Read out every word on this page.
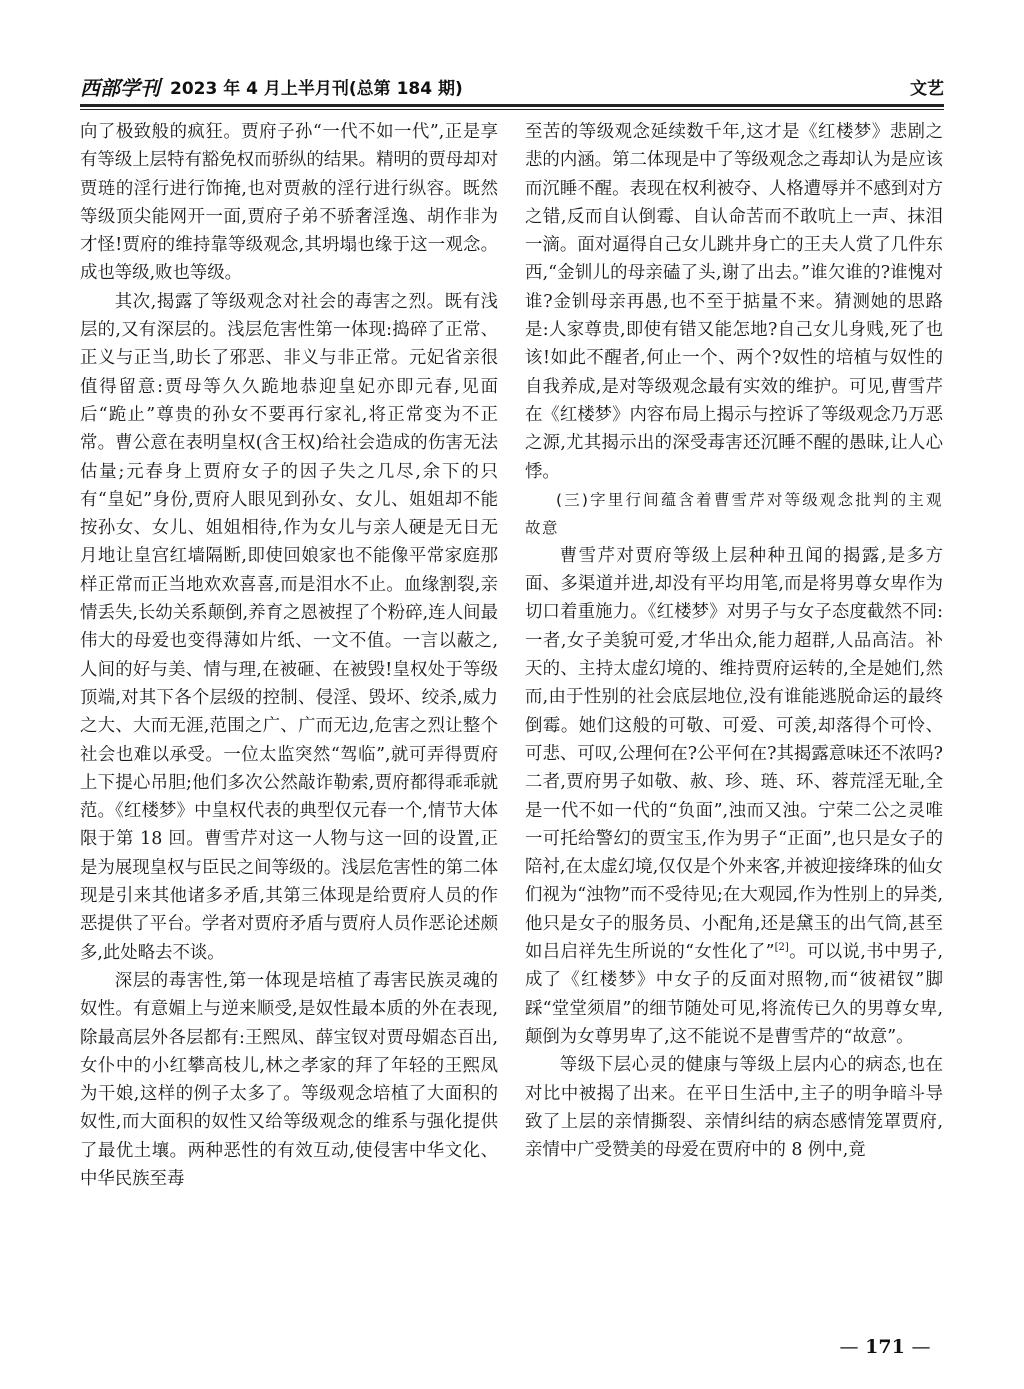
西部学刊 2023 年 4 月上半月刊(总第 184 期)	文艺

向了极致般的疯狂。贾府子孙“一代不如一代”,正是享有等级上层特有豁免权而骄纵的结果。精明的贾母却对贾琏的淫行进行饰掩,也对贾赦的淫行进行纵容。既然等级顶尖能网开一面,贾府子弟不骄奢淫逸、胡作非为才怪!贾府的维持靠等级观念,其坍塌也缘于这一观念。成也等级,败也等级。

其次,揭露了等级观念对社会的毒害之烈。既有浅层的,又有深层的。浅层危害性第一体现:捣碎了正常、正义与正当,助长了邪恶、非义与非正常。元妃省亲很值得留意:贾母等久久跪地恭迎皇妃亦即元春,见面后“跪止”尊贵的孙女不要再行家礼,将正常变为不正常。曹公意在表明皇权(含王权)给社会造成的伤害无法估量;元春身上贾府女子的因子失之几尽,余下的只有“皇妃”身份,贾府人眼见到孙女、女儿、姐姐却不能按孙女、女儿、姐姐相待,作为女儿与亲人硬是无日无月地让皇宫红墙隔断,即使回娘家也不能像平常家庭那样正常而正当地欢欢喜喜,而是泪水不止。血缘割裂,亲情丢失,长幼关系颠倒,养育之恩被捏了个粉碎,连人间最伟大的母爱也变得薄如片纸、一文不值。一言以蔽之,人间的好与美、情与理,在被砸、在被毁!皇权处于等级顶端,对其下各个层级的控制、侵淫、毁坏、绞杀,威力之大、大而无涯,范围之广、广而无边,危害之烈让整个社会也难以承受。一位太监突然“驾临”,就可弄得贾府上下提心吊胆;他们多次公然敲诈勒索,贾府都得乖乖就范。《红楼梦》中皇权代表的典型仅元春一个,情节大体限于第 18 回。曹雪芹对这一人物与这一回的设置,正是为展现皇权与臣民之间等级的。浅层危害性的第二体现是引来其他诸多矛盾,其第三体现是给贾府人员的作恶提供了平台。学者对贾府矛盾与贾府人员作恶论述颇多,此处略去不谈。

深层的毒害性,第一体现是培植了毒害民族灵魂的奴性。有意媚上与逆来顺受,是奴性最本质的外在表现,除最高层外各层都有:王熙凤、薛宝钗对贾母媚态百出,女仆中的小红攀高枝儿,林之孝家的拜了年轻的王熙凤为干娘,这样的例子太多了。等级观念培植了大面积的奴性,而大面积的奴性又给等级观念的维系与强化提供了最优土壤。两种恶性的有效互动,使侵害中华文化、中华民族至毒

至苦的等级观念延续数千年,这才是《红楼梦》悲剧之悲的内涵。第二体现是中了等级观念之毒却认为是应该而沉睡不醒。表现在权利被夺、人格遭辱并不感到对方之错,反而自认倒霉、自认命苦而不敢吭上一声、抹泪一滴。面对逼得自己女儿跳井身亡的王夫人赏了几件东西,“金钏儿的母亲磕了头,谢了出去。”谁欠谁的?谁愧对谁?金钏母亲再愚,也不至于掂量不来。猜测她的思路是:人家尊贵,即使有错又能怎地?自己女儿身贱,死了也该!如此不醒者,何止一个、两个?奴性的培植与奴性的自我养成,是对等级观念最有实效的维护。可见,曹雪芹在《红楼梦》内容布局上揭示与控诉了等级观念乃万恶之源,尤其揭示出的深受毒害还沉睡不醒的愚昧,让人心悸。

(三)字里行间蕴含着曹雪芹对等级观念批判的主观故意

曹雪芹对贾府等级上层种种丑闻的揭露,是多方面、多渠道并进,却没有平均用笔,而是将男尊女卑作为切口着重施力。《红楼梦》对男子与女子态度截然不同:一者,女子美貌可爱,才华出众,能力超群,人品高洁。补天的、主持太虚幻境的、维持贾府运转的,全是她们,然而,由于性别的社会底层地位,没有谁能逃脱命运的最终倒霉。她们这般的可敬、可爱、可羡,却落得个可怜、可悲、可叹,公理何在?公平何在?其揭露意味还不浓吗?二者,贾府男子如敬、赦、珍、琏、环、蓉荒淫无耻,全是一代不如一代的“负面”,浊而又浊。宁荣二公之灵唯一可托给警幻的贾宝玉,作为男子“正面”,也只是女子的陪衬,在太虚幻境,仅仅是个外来客,并被迎接绛珠的仙女们视为“浊物”而不受待见;在大观园,作为性别上的异类,他只是女子的服务员、小配角,还是黛玉的出气筒,甚至如吕启祥先生所说的“女性化了”[2]。可以说,书中男子,成了《红楼梦》中女子的反面对照物,而“彼裙钗”脚踩“堂堂须眉”的细节随处可见,将流传已久的男尊女卑,颠倒为女尊男卑了,这不能说不是曹雪芹的“故意”。

等级下层心灵的健康与等级上层内心的病态,也在对比中被揭了出来。在平日生活中,主子的明争暗斗导致了上层的亲情撕裂、亲情纠结的病态感情笼罩贾府,亲情中广受赞美的母爱在贾府中的 8 例中,竟

— 171 —
